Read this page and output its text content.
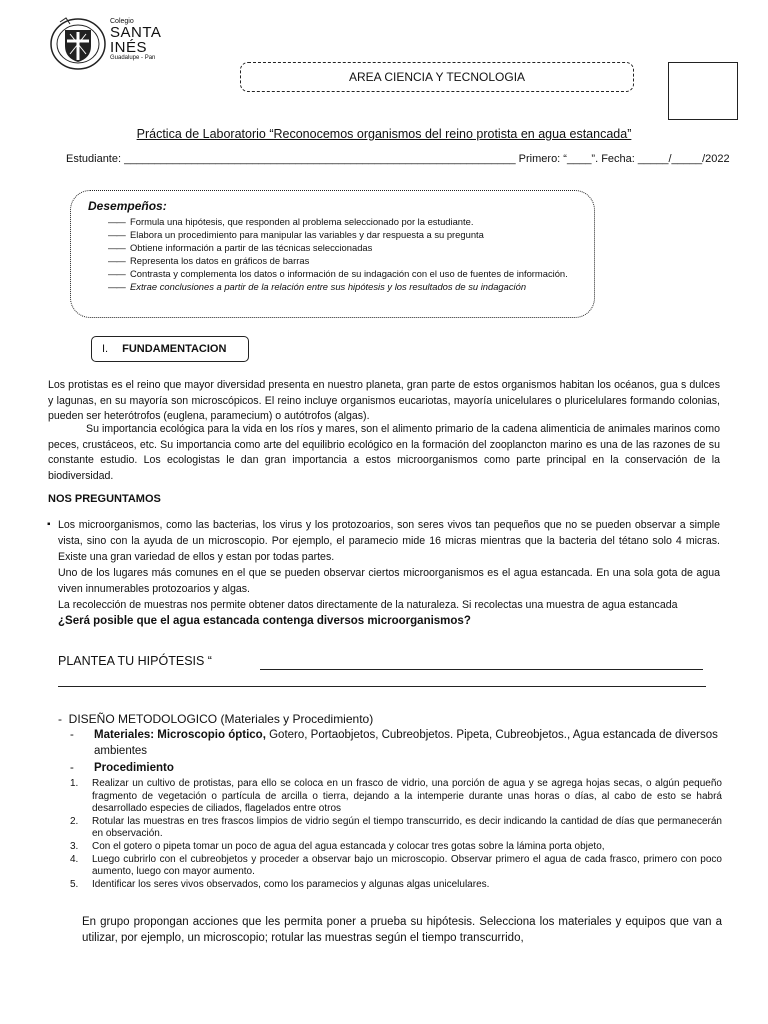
Colegio
SANTA
INÉS
Guadalupe - Pan
AREA CIENCIA Y TECNOLOGIA
Práctica de Laboratorio “Reconocemos organismos del reino protista en agua estancada”
Estudiante: ________________________________________________________________ Primero: “____”. Fecha: _____/_____/2022
Desempeños:
—— Formula una hipótesis, que responden al problema seleccionado por la estudiante.
—— Elabora un procedimiento para manipular las variables y dar respuesta a su pregunta
—— Obtiene información a partir de las técnicas seleccionadas
—— Representa los datos en gráficos de barras
—— Contrasta y complementa los datos o información de su indagación con el uso de fuentes de información.
—— Extrae conclusiones a partir de la relación entre sus hipótesis y los resultados de su indagación
I. FUNDAMENTACION

Los protistas es el reino que mayor diversidad presenta en nuestro planeta, gran parte de estos organismos habitan los océanos, gua s dulces y lagunas, en su mayoría son microscópicos. El reino incluye organismos eucariotas, mayoría unicelulares o pluricelulares formando colonias, pueden ser heterótrofos (euglena, paramecium) o autótrofos (algas).

Su importancia ecológica para la vida en los ríos y mares, son el alimento primario de la cadena alimenticia de animales marinos como peces, crustáceos, etc. Su importancia como arte del equilibrio ecológico en la formación del zooplancton marino es una de las razones de su constante estudio. Los ecologistas le dan gran importancia a estos microorganismos como parte principal en la conservación de la biodiversidad.

NOS PREGUNTAMOS

▪ Los microorganismos, como las bacterias, los virus y los protozoarios, son seres vivos tan pequeños que no se pueden observar a simple vista, sino con la ayuda de un microscopio. Por ejemplo, el paramecio mide 16 micras mientras que la bacteria del tétano solo 4 micras. Existe una gran variedad de ellos y estan por todas partes.

Uno de los lugares más comunes en el que se pueden observar ciertos microorganismos es el agua estancada. En una sola gota de agua viven innumerables protozoarios y algas.

La recolección de muestras nos permite obtener datos directamente de la naturaleza. Si recolectas una muestra de agua estancada

¿Será posible que el agua estancada contenga diversos microorganismos?

PLANTEA TU HIPÓTESIS “
- DISEÑO METODOLOGICO (Materiales y Procedimiento)
- Materiales: Microscopio óptico, Gotero, Portaobjetos, Cubreobjetos. Pipeta, Cubreobjetos., Agua estancada de diversos ambientes
- Procedimiento
1. Realizar un cultivo de protistas, para ello se coloca en un frasco de vidrio, una porción de agua y se agrega hojas secas, o algún pequeño fragmento de vegetación o partícula de arcilla o tierra, dejando a la intemperie durante unas horas o días, al cabo de esto se habrá desarrollado especies de ciliados, flagelados entre otros
2. Rotular las muestras en tres frascos limpios de vidrio según el tiempo transcurrido, es decir indicando la cantidad de días que permanecerán en observación.
3. Con el gotero o pipeta tomar un poco de agua del agua estancada y colocar tres gotas sobre la lámina porta objeto,
4. Luego cubrirlo con el cubreobjetos y proceder a observar bajo un microscopio. Observar primero el agua de cada frasco, primero con poco aumento, luego con mayor aumento.
5. Identificar los seres vivos observados, como los paramecios y algunas algas unicelulares.

En grupo propongan acciones que les permita poner a prueba su hipótesis. Selecciona los materiales y equipos que van a utilizar, por ejemplo, un microscopio; rotular las muestras según el tiempo transcurrido,
